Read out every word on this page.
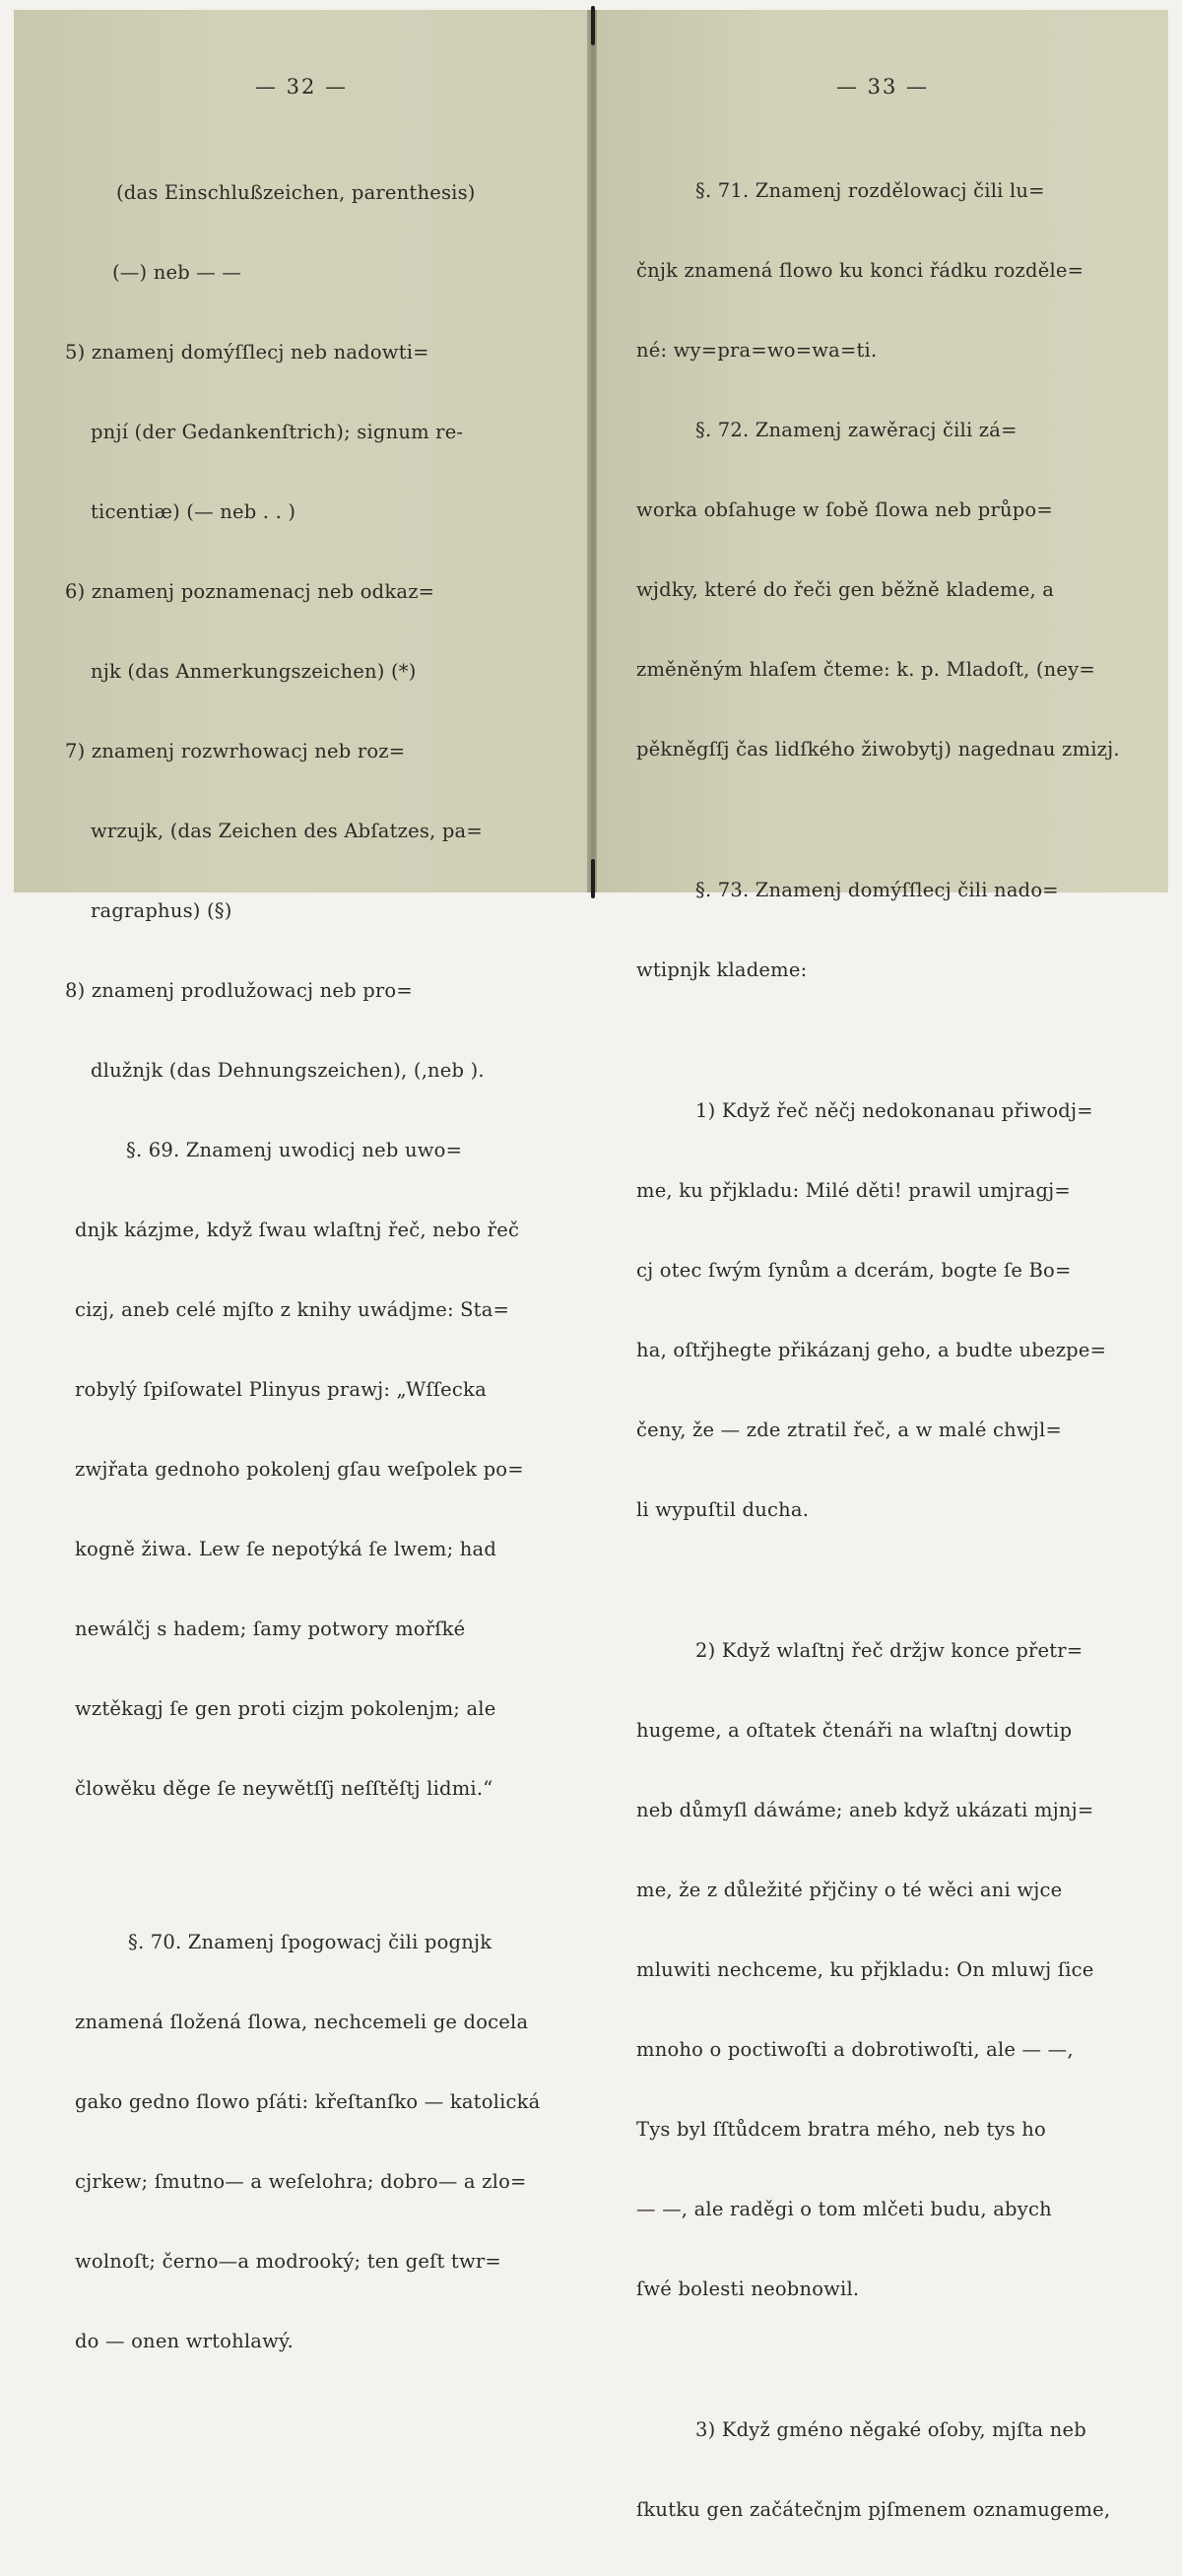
— 32 —

(das Einschlußzeichen, parenthesis)

(—) neb — —

5) znamenj domýſſlecj neb nadowti=

pnjí (der Gedankenſtrich); signum re-

ticentiæ) (— neb . . )

6) znamenj poznamenacj neb odkaz=

njk (das Anmerkungszeichen) (*)

7) znamenj rozwrhowacj neb roz=

wrzujk, (das Zeichen des Abſatzes, pa=

ragraphus) (§)

8) znamenj prodlužowacj neb pro=

dlužnjk (das Dehnungszeichen), (‚neb ).

§. 69. Znamenj uwodicj neb uwo=

dnjk kázjme, když ſwau wlaſtnj řeč, nebo řeč

cizj, aneb celé mjſto z knihy uwádjme: Sta=

robylý ſpiſowatel Plinyus prawj: „Wſſecka

zwjřata gednoho pokolenj gſau weſpolek po=

kogně žiwa. Lew ſe nepotýká ſe lwem; had

newálčj s hadem; ſamy potwory mořſké

wztěkagj ſe gen proti cizjm pokolenjm; ale

člowěku děge ſe neywětſſj neſſtěſtj lidmi.“

§. 70. Znamenj ſpogowacj čili pognjk

znamená ſložená ſlowa, nechcemeli ge docela

gako gedno ſlowo pſáti: křeſtanſko — katolická

cjrkew; ſmutno— a weſelohra; dobro— a zlo=

wolnoſt; černo—a modrooký; ten geſt twr=

do — onen wrtohlawý.

— 33 —

§. 71. Znamenj rozdělowacj čili lu=

čnjk znamená ſlowo ku konci řádku rozděle=

né: wy=pra=wo=wa=ti.

§. 72. Znamenj zawěracj čili zá=

worka obſahuge w ſobě ſlowa neb průpo=

wjdky, které do řeči gen běžně klademe, a

změněným hlaſem čteme: k. p. Mladoſt, (ney=

pěkněgſſj čas lidſkého žiwobytj) nagednau zmizj.

§. 73. Znamenj domýſſlecj čili nado=

wtipnjk klademe:

1) Když řeč něčj nedokonanau přiwodj=

me, ku přjkladu: Milé děti! prawil umjragj=

cj otec ſwým ſynům a dcerám, bogte ſe Bo=

ha, oſtřjhegte přikázanj geho, a budte ubezpe=

čeny, že — zde ztratil řeč, a w malé chwjl=

li wypuſtil ducha.

2) Když wlaſtnj řeč držjw konce přetr=

hugeme, a oſtatek čtenáři na wlaſtnj dowtip

neb důmyſl dáwáme; aneb když ukázati mjnj=

me, že z důležité přjčiny o té wěci ani wjce

mluwiti nechceme, ku přjkladu: On mluwj ſice

mnoho o poctiwoſti a dobrotiwoſti, ale — —,

Tys byl ſſtůdcem bratra mého, neb tys ho

— —, ale raděgi o tom mlčeti budu, abych

ſwé bolesti neobnowil.

3) Když gméno něgaké oſoby, mjſta neb

ſkutku gen začátečnjm pjſmenem oznamugeme,
